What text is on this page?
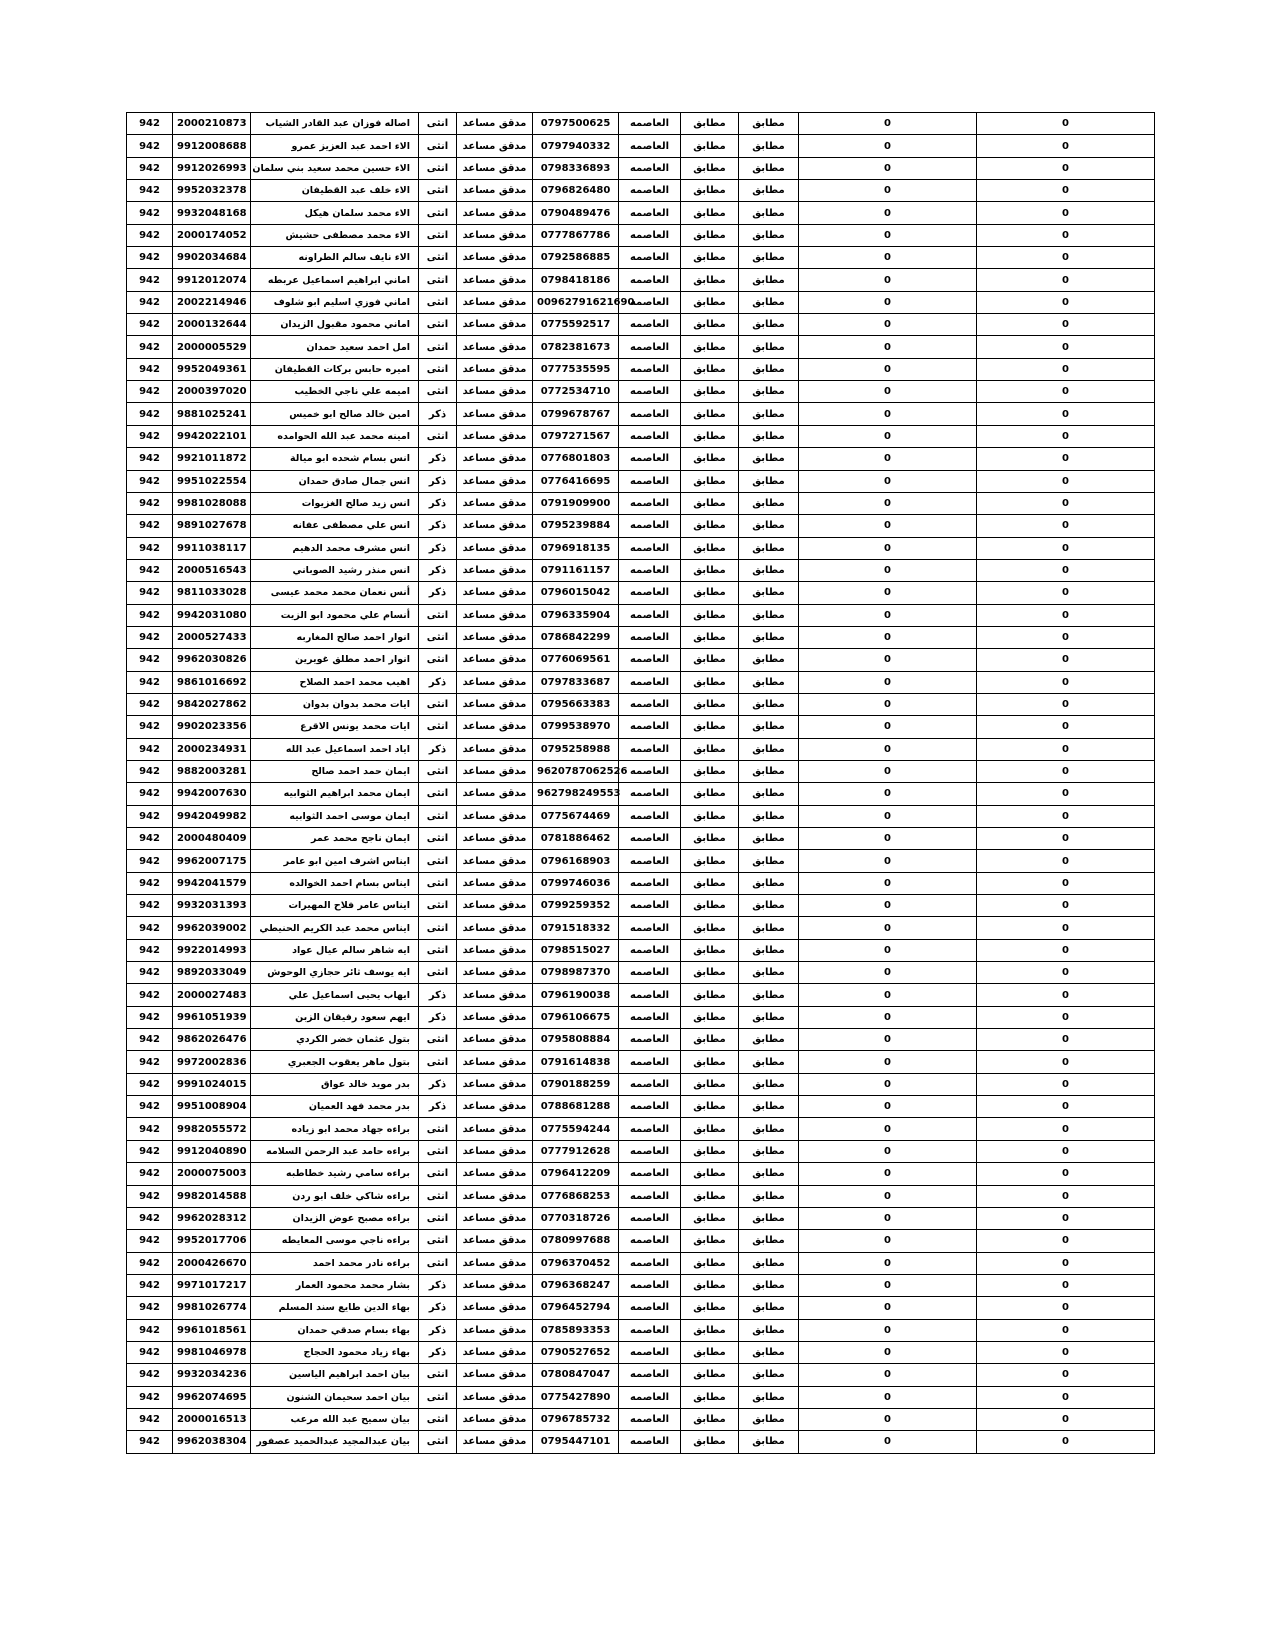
942	2000210873	اصاله فوزان عبد القادر الشياب	انثى	مدقق مساعد	0797500625	العاصمه	مطابق	مطابق	0	0
942	9912008688	الاء احمد عبد العزيز عمرو	انثى	مدقق مساعد	0797940332	العاصمه	مطابق	مطابق	0	0
942	9912026993	الاء حسين محمد سعيد بني سلمان	انثى	مدقق مساعد	0798336893	العاصمه	مطابق	مطابق	0	0
942	9952032378	الاء خلف عبد القطيفان	انثى	مدقق مساعد	0796826480	العاصمه	مطابق	مطابق	0	0
942	9932048168	الاء محمد سلمان هيكل	انثى	مدقق مساعد	0790489476	العاصمه	مطابق	مطابق	0	0
942	2000174052	الاء محمد مصطفى حشيش	انثى	مدقق مساعد	0777867786	العاصمه	مطابق	مطابق	0	0
942	9902034684	الاء نايف سالم الطراونه	انثى	مدقق مساعد	0792586885	العاصمه	مطابق	مطابق	0	0
942	9912012074	اماني ابراهيم اسماعيل عربطه	انثى	مدقق مساعد	0798418186	العاصمه	مطابق	مطابق	0	0
942	2002214946	اماني فوزي اسليم ابو شلوف	انثى	مدقق مساعد	00962791621690	العاصمه	مطابق	مطابق	0	0
942	2000132644	اماني محمود مقبول الزيدان	انثى	مدقق مساعد	0775592517	العاصمه	مطابق	مطابق	0	0
942	2000005529	امل احمد سعيد حمدان	انثى	مدقق مساعد	0782381673	العاصمه	مطابق	مطابق	0	0
942	9952049361	اميره حابس بركات القطيفان	انثى	مدقق مساعد	0777535595	العاصمه	مطابق	مطابق	0	0
942	2000397020	اميمه علي ناجي الخطيب	انثى	مدقق مساعد	0772534710	العاصمه	مطابق	مطابق	0	0
942	9881025241	امين خالد صالح ابو خميس	ذكر	مدقق مساعد	0799678767	العاصمه	مطابق	مطابق	0	0
942	9942022101	امينه محمد عبد الله الحوامده	انثى	مدقق مساعد	0797271567	العاصمه	مطابق	مطابق	0	0
942	9921011872	انس بسام شحده ابو ميالة	ذكر	مدقق مساعد	0776801803	العاصمه	مطابق	مطابق	0	0
942	9951022554	انس جمال صادق حمدان	ذكر	مدقق مساعد	0776416695	العاصمه	مطابق	مطابق	0	0
942	9981028088	انس زيد صالح الغزيوات	ذكر	مدقق مساعد	0791909900	العاصمه	مطابق	مطابق	0	0
942	9891027678	انس علي مصطفى عفانه	ذكر	مدقق مساعد	0795239884	العاصمه	مطابق	مطابق	0	0
942	9911038117	انس مشرف محمد الدهيم	ذكر	مدقق مساعد	0796918135	العاصمه	مطابق	مطابق	0	0
942	2000516543	انس منذر رشيد الصوباني	ذكر	مدقق مساعد	0791161157	العاصمه	مطابق	مطابق	0	0
942	9811033028	أنس نعمان محمد محمد عيسى	ذكر	مدقق مساعد	0796015042	العاصمه	مطابق	مطابق	0	0
942	9942031080	أنسام علي محمود ابو الزيت	انثى	مدقق مساعد	0796335904	العاصمه	مطابق	مطابق	0	0
942	2000527433	انوار احمد صالح المغاربه	انثى	مدقق مساعد	0786842299	العاصمه	مطابق	مطابق	0	0
942	9962030826	انوار احمد مطلق غويرين	انثى	مدقق مساعد	0776069561	العاصمه	مطابق	مطابق	0	0
942	9861016692	اهيب محمد احمد الصلاح	ذكر	مدقق مساعد	0797833687	العاصمه	مطابق	مطابق	0	0
942	9842027862	ايات محمد بدوان بدوان	انثى	مدقق مساعد	0795663383	العاصمه	مطابق	مطابق	0	0
942	9902023356	ايات محمد يونس الاقرع	انثى	مدقق مساعد	0799538970	العاصمه	مطابق	مطابق	0	0
942	2000234931	اياد احمد اسماعيل عبد الله	ذكر	مدقق مساعد	0795258988	العاصمه	مطابق	مطابق	0	0
942	9882003281	ايمان حمد احمد صالح	انثى	مدقق مساعد	9620787062526	العاصمه	مطابق	مطابق	0	0
942	9942007630	ايمان محمد ابراهيم الثوابيه	انثى	مدقق مساعد	962798249553	العاصمه	مطابق	مطابق	0	0
942	9942049982	ايمان موسى احمد الثوابيه	انثى	مدقق مساعد	0775674469	العاصمه	مطابق	مطابق	0	0
942	2000480409	ايمان ناجح محمد عمر	انثى	مدقق مساعد	0781886462	العاصمه	مطابق	مطابق	0	0
942	9962007175	ايناس اشرف امين ابو عامر	انثى	مدقق مساعد	0796168903	العاصمه	مطابق	مطابق	0	0
942	9942041579	ايناس بسام احمد الخوالده	انثى	مدقق مساعد	0799746036	العاصمه	مطابق	مطابق	0	0
942	9932031393	ايناس عامر فلاح المهيرات	انثى	مدقق مساعد	0799259352	العاصمه	مطابق	مطابق	0	0
942	9962039002	ايناس محمد عبد الكريم الحنيطي	انثى	مدقق مساعد	0791518332	العاصمه	مطابق	مطابق	0	0
942	9922014993	ايه شاهر سالم عيال عواد	انثى	مدقق مساعد	0798515027	العاصمه	مطابق	مطابق	0	0
942	9892033049	ايه يوسف ثائر حجازي الوحوش	انثى	مدقق مساعد	0798987370	العاصمه	مطابق	مطابق	0	0
942	2000027483	ايهاب يحيى اسماعيل علي	ذكر	مدقق مساعد	0796190038	العاصمه	مطابق	مطابق	0	0
942	9961051939	ايهم سعود رفيقان الزبن	ذكر	مدقق مساعد	0796106675	العاصمه	مطابق	مطابق	0	0
942	9862026476	بتول عثمان خضر الكردي	انثى	مدقق مساعد	0795808884	العاصمه	مطابق	مطابق	0	0
942	9972002836	بتول ماهر يعقوب الجعبري	انثى	مدقق مساعد	0791614838	العاصمه	مطابق	مطابق	0	0
942	9991024015	بدر مويد خالد عواق	ذكر	مدقق مساعد	0790188259	العاصمه	مطابق	مطابق	0	0
942	9951008904	بدر محمد فهد العميان	ذكر	مدقق مساعد	0788681288	العاصمه	مطابق	مطابق	0	0
942	9982055572	براءه جهاد محمد ابو زياده	انثى	مدقق مساعد	0775594244	العاصمه	مطابق	مطابق	0	0
942	9912040890	براءه حامد عبد الرحمن السلامه	انثى	مدقق مساعد	0777912628	العاصمه	مطابق	مطابق	0	0
942	2000075003	براءه سامي رشيد خطاطبه	انثى	مدقق مساعد	0796412209	العاصمه	مطابق	مطابق	0	0
942	9982014588	براءه شاكي خلف ابو ردن	انثى	مدقق مساعد	0776868253	العاصمه	مطابق	مطابق	0	0
942	9962028312	براءه مصبح عوض الزيدان	انثى	مدقق مساعد	0770318726	العاصمه	مطابق	مطابق	0	0
942	9952017706	براءه ناجي موسى المعايطه	انثى	مدقق مساعد	0780997688	العاصمه	مطابق	مطابق	0	0
942	2000426670	براءه نادر محمد احمد	انثى	مدقق مساعد	0796370452	العاصمه	مطابق	مطابق	0	0
942	9971017217	بشار محمد محمود العمار	ذكر	مدقق مساعد	0796368247	العاصمه	مطابق	مطابق	0	0
942	9981026774	بهاء الدين طايع سند المسلم	ذكر	مدقق مساعد	0796452794	العاصمه	مطابق	مطابق	0	0
942	9961018561	بهاء بسام صدقي حمدان	ذكر	مدقق مساعد	0785893353	العاصمه	مطابق	مطابق	0	0
942	9981046978	بهاء زياد محمود الحجاج	ذكر	مدقق مساعد	0790527652	العاصمه	مطابق	مطابق	0	0
942	9932034236	بيان احمد ابراهيم الياسين	انثى	مدقق مساعد	0780847047	العاصمه	مطابق	مطابق	0	0
942	9962074695	بيان احمد سحيمان الشنون	انثى	مدقق مساعد	0775427890	العاصمه	مطابق	مطابق	0	0
942	2000016513	بيان سميح عبد الله مرعب	انثى	مدقق مساعد	0796785732	العاصمه	مطابق	مطابق	0	0
942	9962038304	بيان عبدالمجيد عبدالحميد عصفور	انثى	مدقق مساعد	0795447101	العاصمه	مطابق	مطابق	0	0
